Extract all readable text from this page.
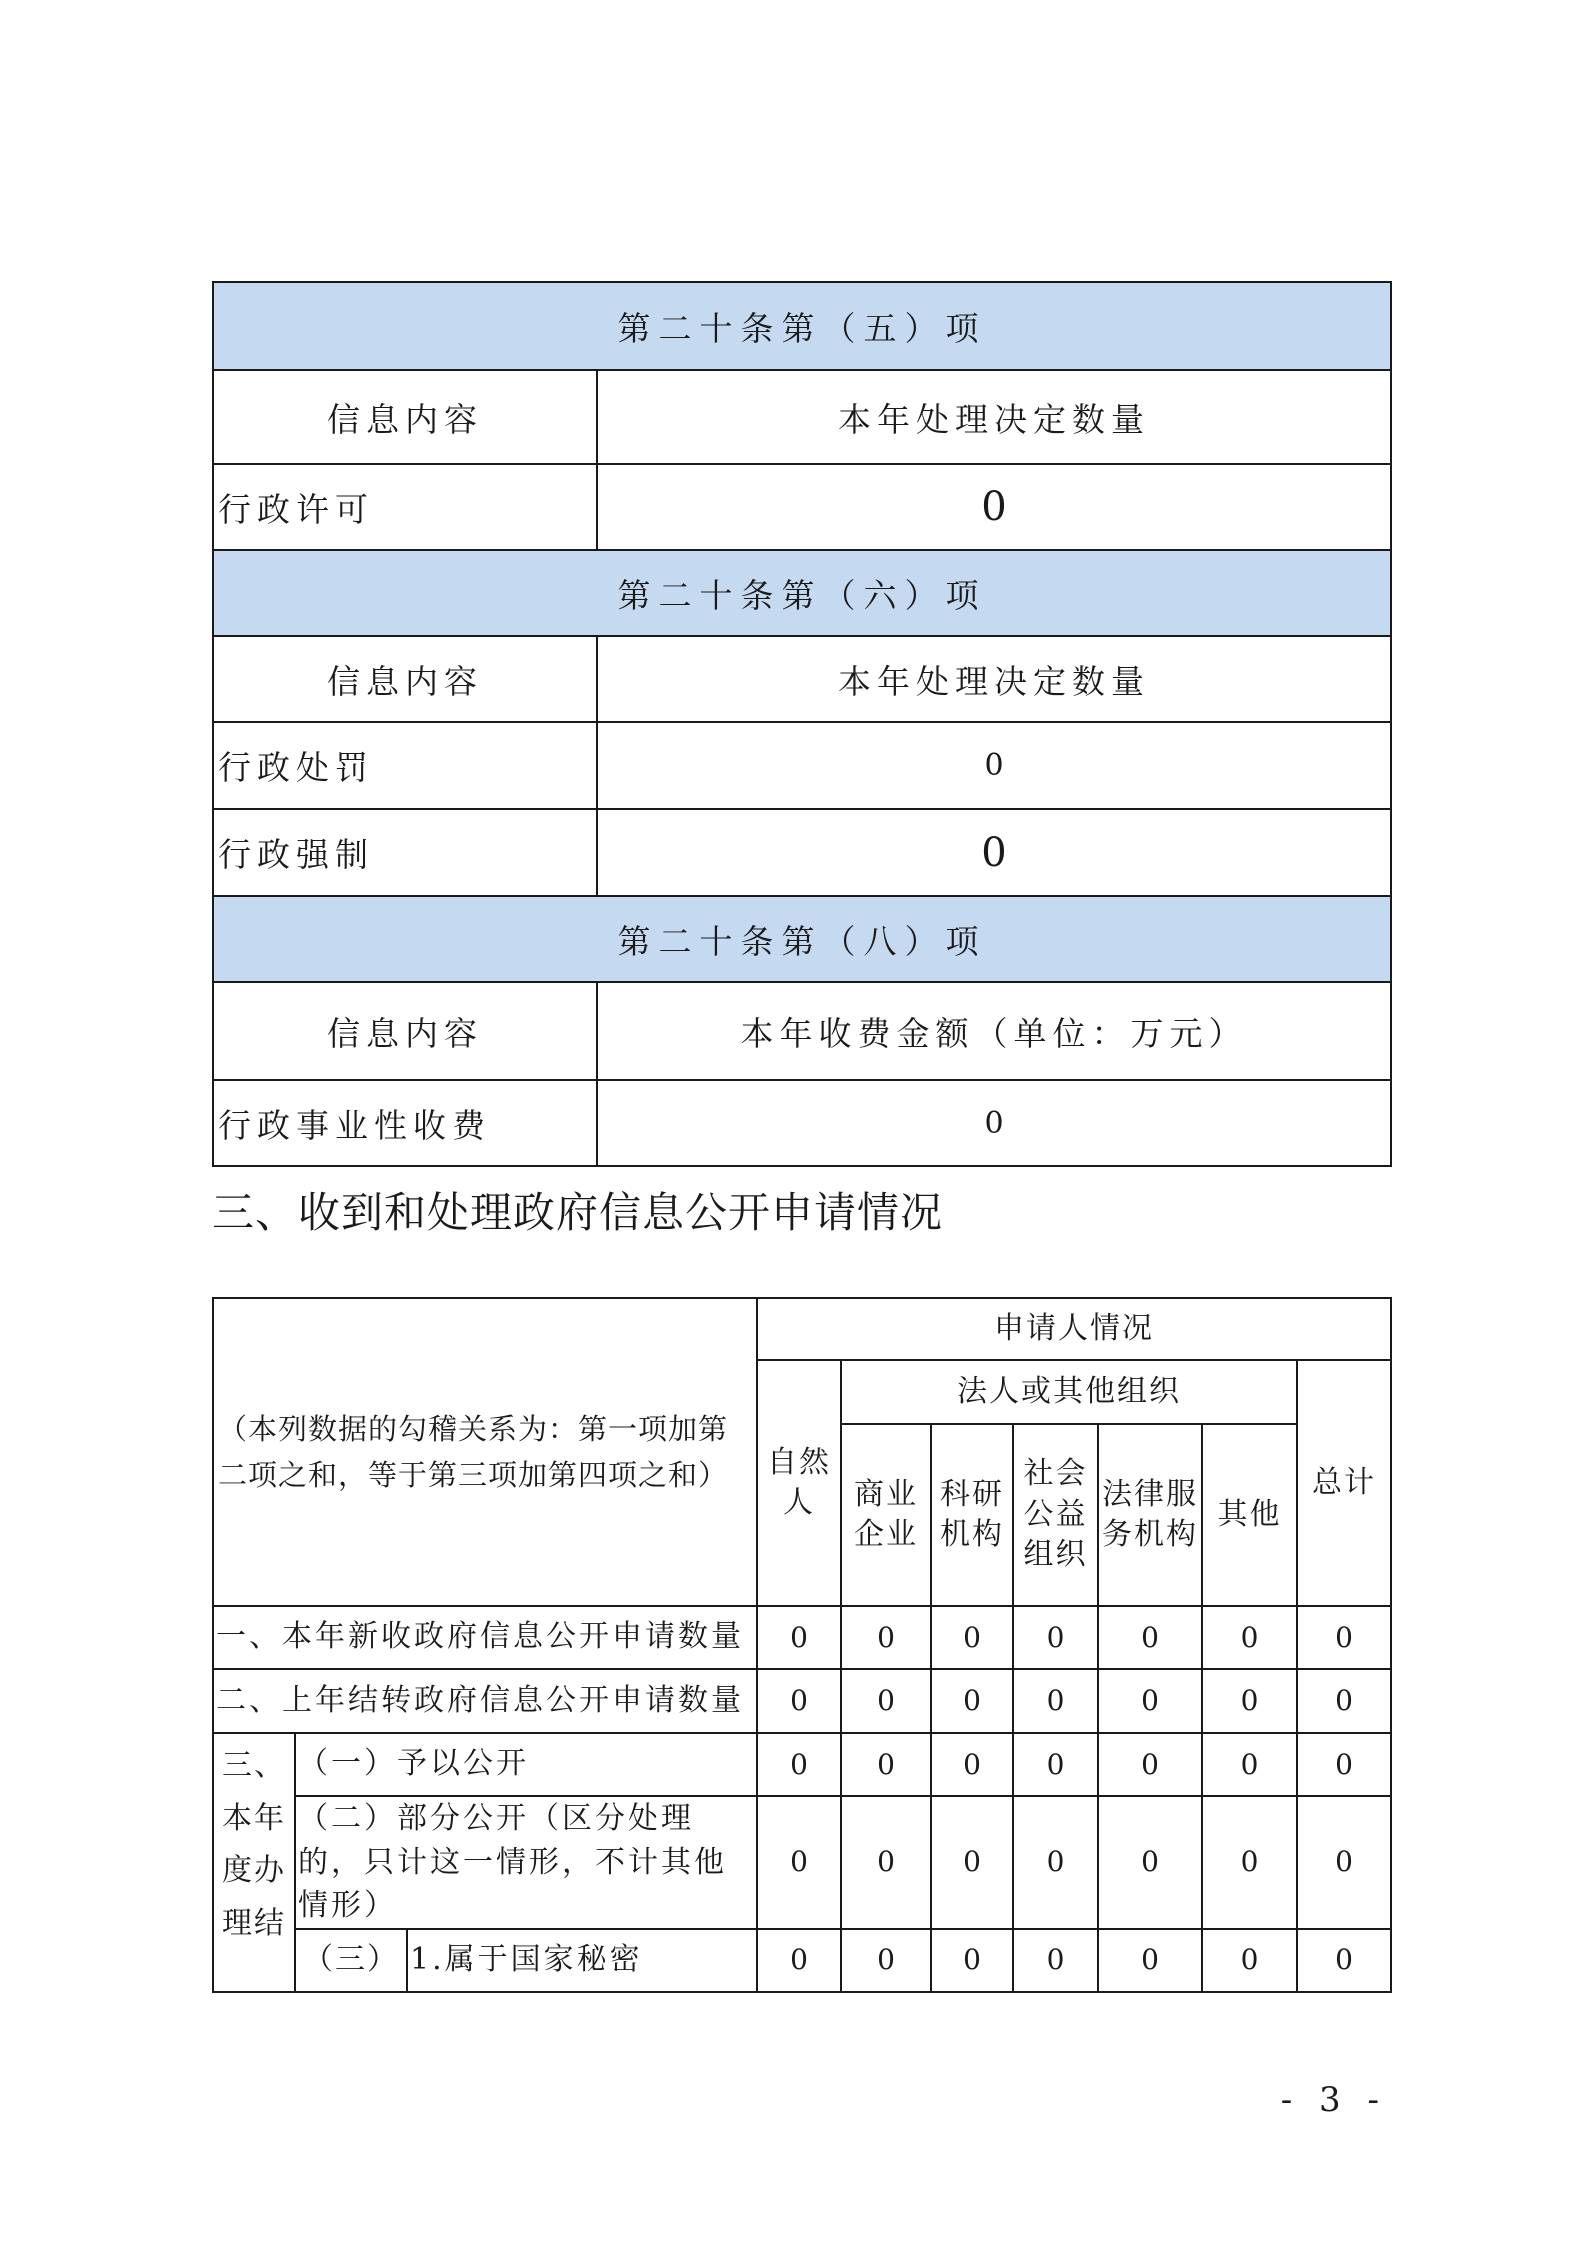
第二十条第（五）项	
信息内容	本年处理决定数量
行政许可	0
第二十条第（六）项	
信息内容	本年处理决定数量
行政处罚	0
行政强制	0
第二十条第（八）项	
信息内容	本年收费金额（单位：万元）
行政事业性收费	0
三、收到和处理政府信息公开申请情况
（本列数据的勾稽关系为：第一项加第二项之和，等于第三项加第四项之和）			申请人情况						
			自然人	法人或其他组织					总计
				商业企业	科研机构	社会公益组织	法律服务机构	其他	
一、本年新收政府信息公开申请数量			0	0	0	0	0	0	0
二、上年结转政府信息公开申请数量			0	0	0	0	0	0	0
三、本年度办理结	（一）予以公开		0	0	0	0	0	0	0
	（二）部分公开（区分处理的，只计这一情形，不计其他情形）		0	0	0	0	0	0	0
	（三）	1.属于国家秘密	0	0	0	0	0	0	0
- 3 -
